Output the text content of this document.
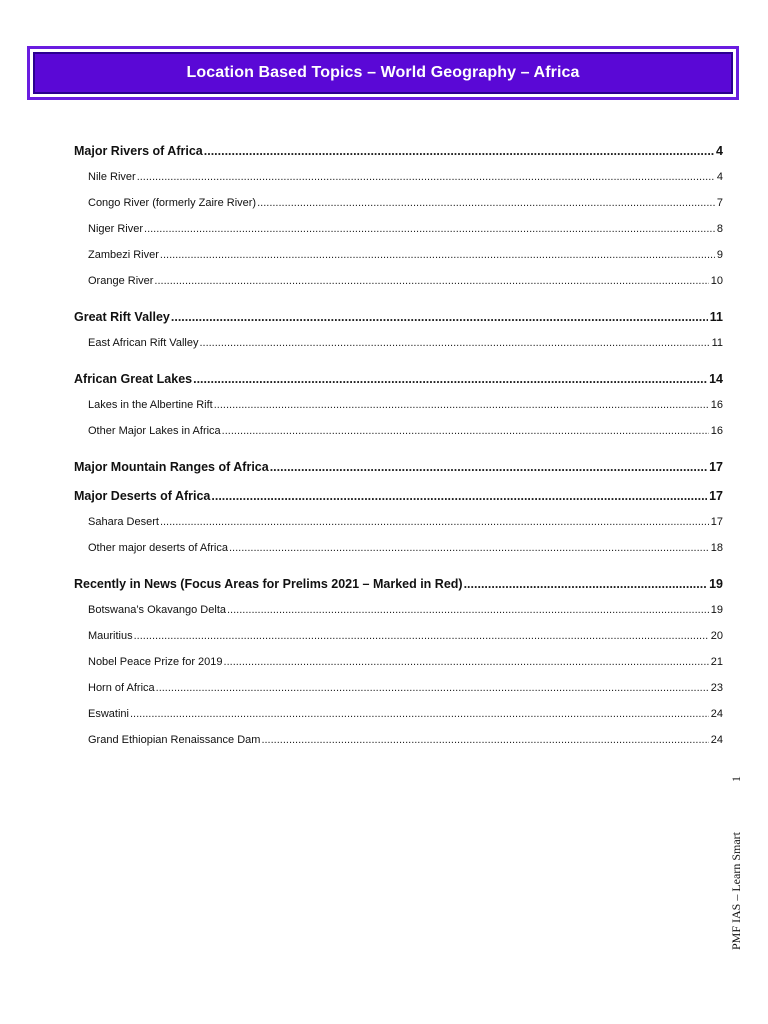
Location Based Topics – World Geography – Africa
Major Rivers of Africa .....	4
Nile River .....	4
Congo River (formerly Zaire River) .....	7
Niger River .....	8
Zambezi River .....	9
Orange River .....	10
Great Rift Valley .....	11
East African Rift Valley .....	11
African Great Lakes .....	14
Lakes in the Albertine Rift .....	16
Other Major Lakes in Africa .....	16
Major Mountain Ranges of Africa .....	17
Major Deserts of Africa .....	17
Sahara Desert .....	17
Other major deserts of Africa .....	18
Recently in News (Focus Areas for Prelims 2021 – Marked in Red) .....	19
Botswana’s Okavango Delta .....	19
Mauritius .....	20
Nobel Peace Prize for 2019 .....	21
Horn of Africa .....	23
Eswatini .....	24
Grand Ethiopian Renaissance Dam .....	24
PMF IAS – Learn Smart
1
